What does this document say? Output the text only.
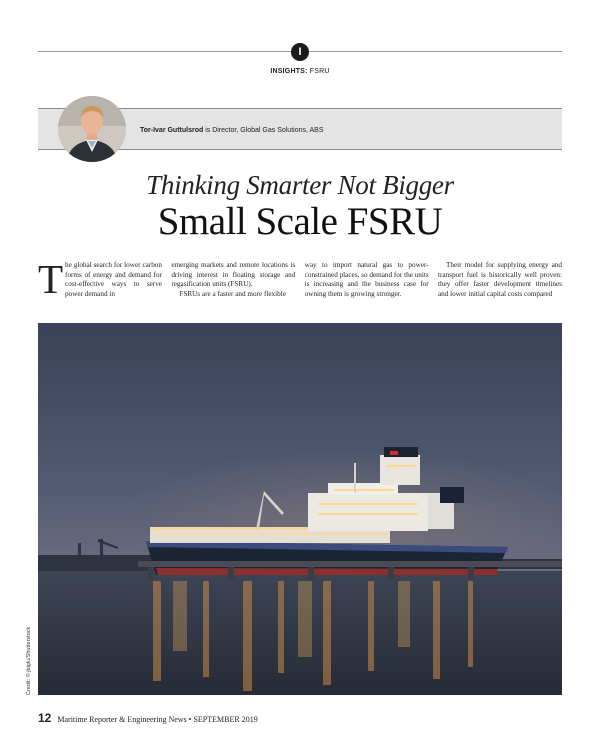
I
INSIGHTS: FSRU
Tor-Ivar Guttulsrod is Director, Global Gas Solutions, ABS
Thinking Smarter Not Bigger
Small Scale FSRU
The global search for lower carbon forms of energy and demand for cost-effective ways to serve power demand in

emerging markets and remote locations is driving interest in floating storage and regasification units (FSRU).

FSRUs are a faster and more flexible

way to import natural gas to power-constrained places, so demand for the units is increasing and the business case for owning them is growing stronger.

Their model for supplying energy and transport fuel is historically well proven: they offer faster development timelines and lower initial capital costs compared

Credit: © jbiglu/Shutterstock
12 Maritime Reporter & Engineering News • SEPTEMBER 2019
